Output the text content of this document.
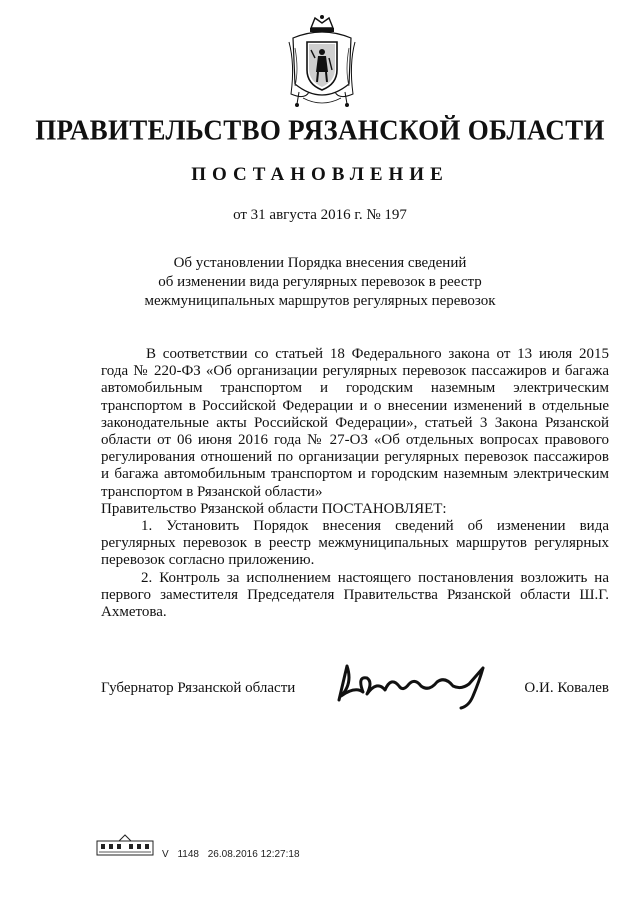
ПРАВИТЕЛЬСТВО РЯЗАНСКОЙ ОБЛАСТИ
ПОСТАНОВЛЕНИЕ
от 31 августа 2016 г. № 197
Об установлении Порядка внесения сведений
об изменении вида регулярных перевозок в реестр
межмуниципальных маршрутов регулярных перевозок

В соответствии со статьей 18 Федерального закона от 13 июля 2015 года № 220-ФЗ «Об организации регулярных перевозок пассажиров и багажа автомобильным транспортом и городским наземным электрическим транспортом в Российской Федерации и о внесении изменений в отдельные законодательные акты Российской Федерации», статьей 3 Закона Рязанской области от 06 июня 2016 года № 27-ОЗ «Об отдельных вопросах правового регулирования отношений по организации регулярных перевозок пассажиров и багажа автомобильным транспортом и городским наземным электрическим транспортом в Рязанской области»

Правительство Рязанской области ПОСТАНОВЛЯЕТ:

1. Установить Порядок внесения сведений об изменении вида регулярных перевозок в реестр межмуниципальных маршрутов регулярных перевозок согласно приложению.

2. Контроль за исполнением настоящего постановления возложить на первого заместителя Председателя Правительства Рязанской области Ш.Г. Ахметова.

Губернатор Рязанской области	О.И. Ковалев
V 1148 26.08.2016 12:27:18
